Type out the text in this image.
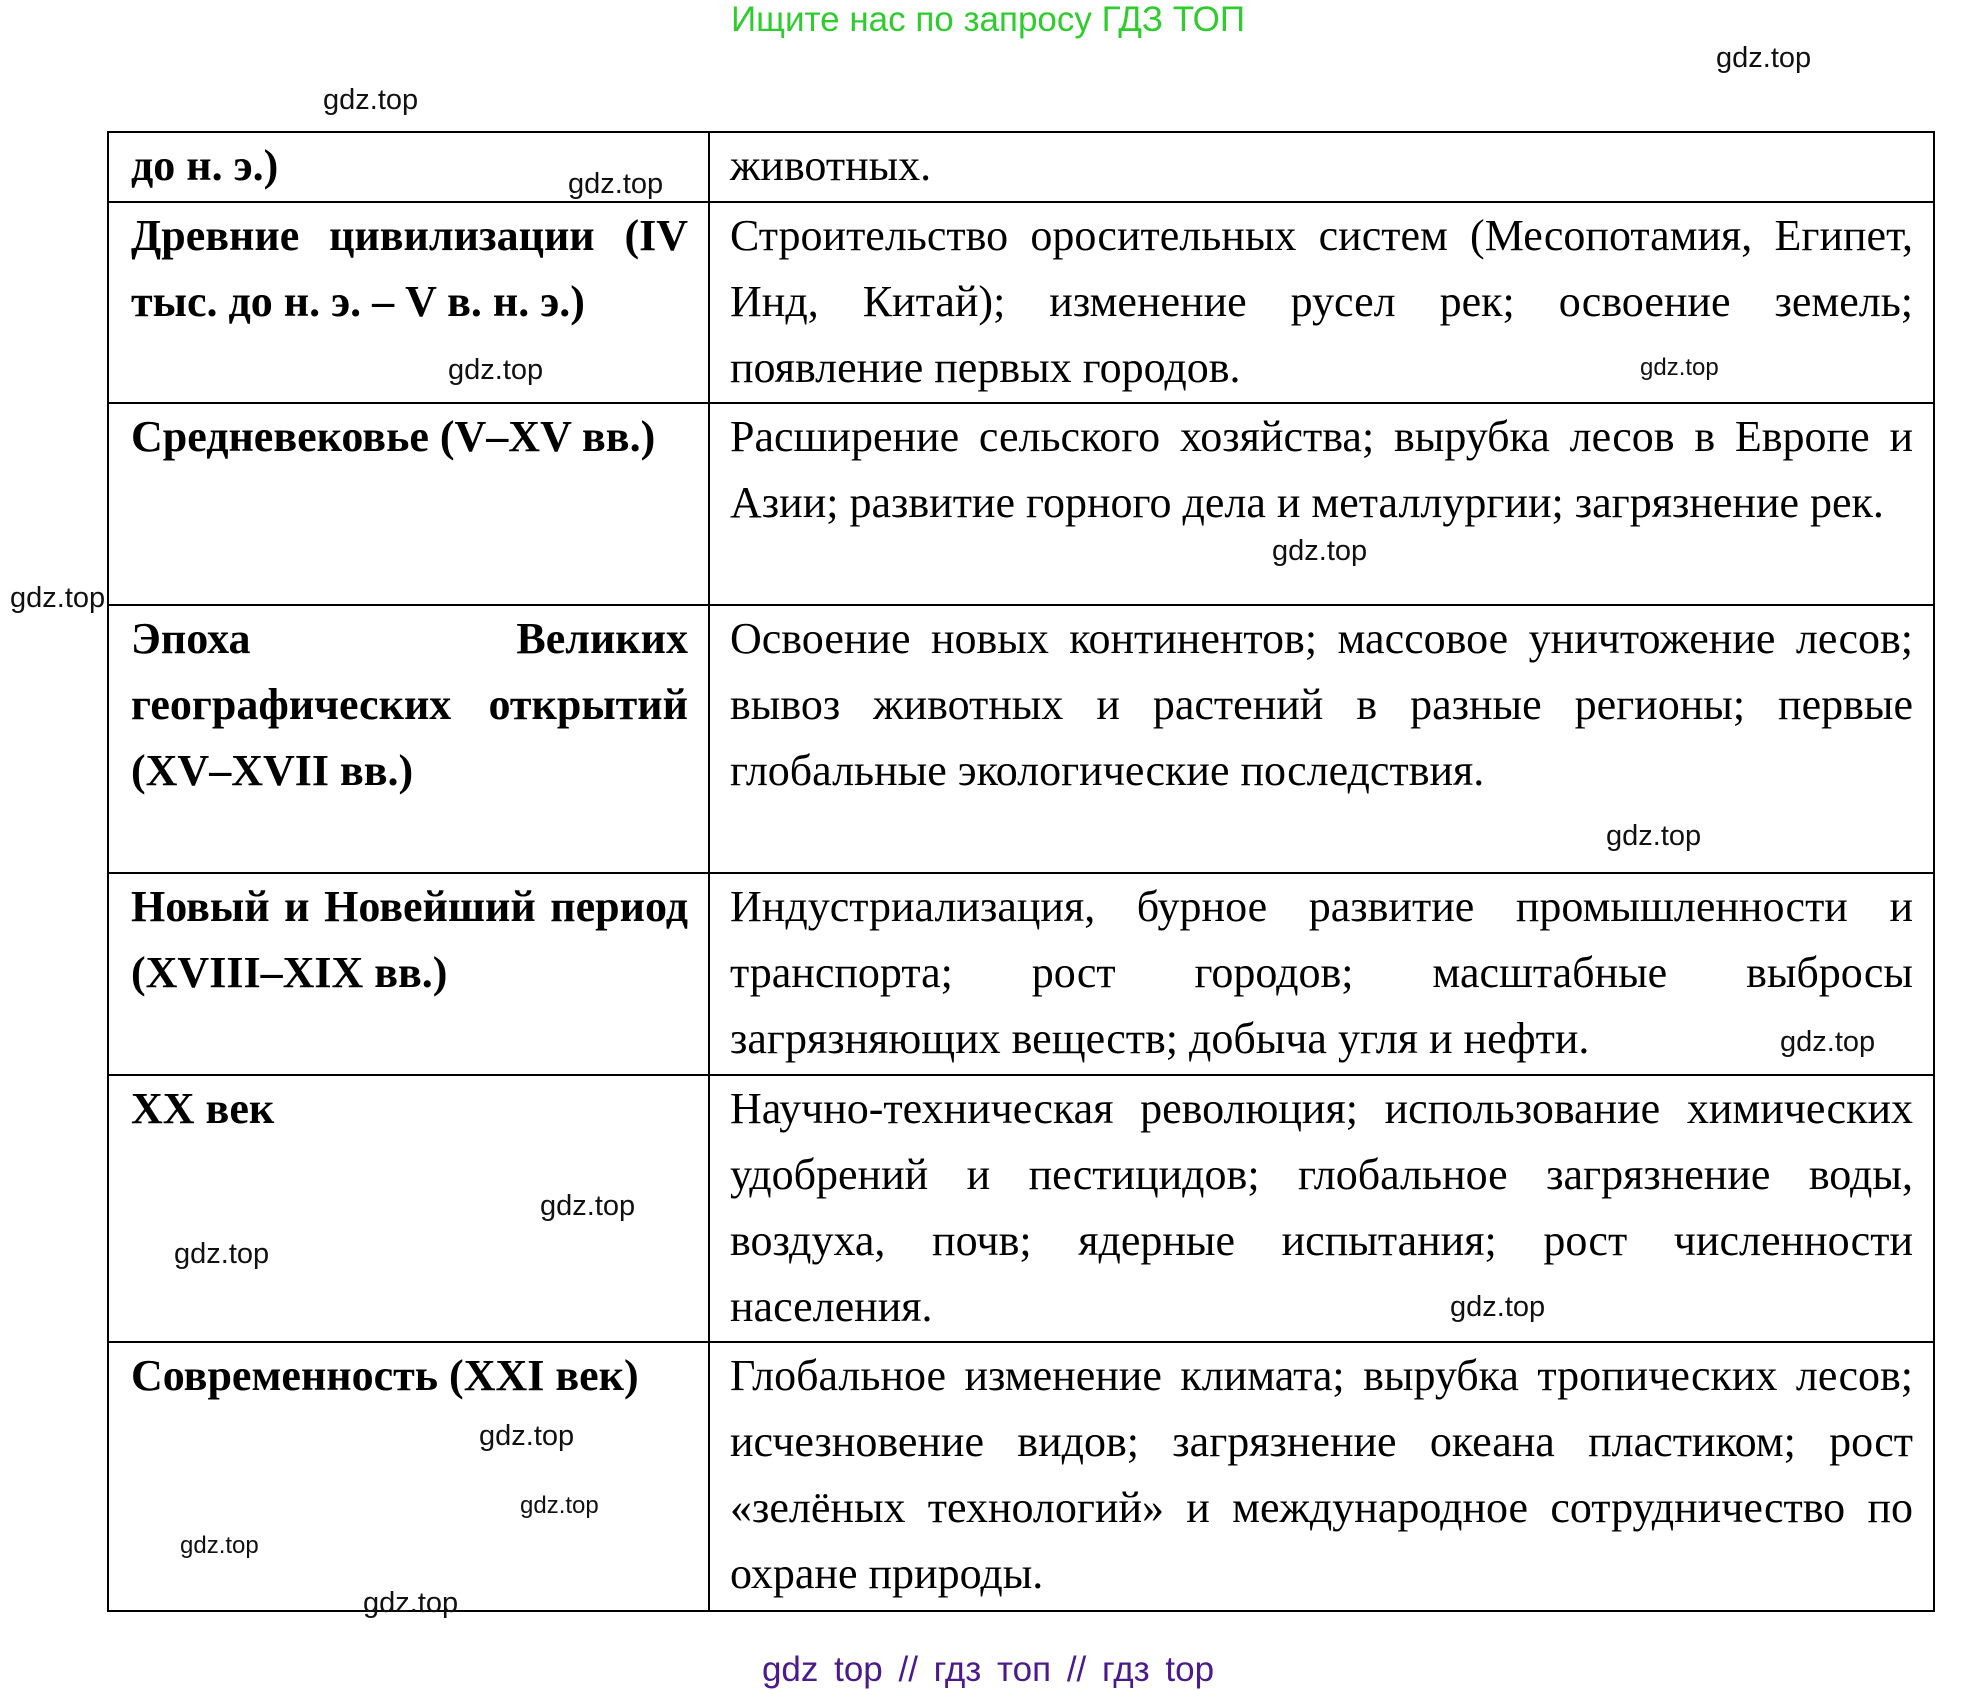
Ищите нас по запросу ГДЗ ТОП
до н. э.)	животных.
Древние цивилизации (IV тыс. до н. э. – V в. н. э.)	Строительство оросительных систем (Месопотамия, Египет, Инд, Китай); изменение русел рек; освоение земель; появление первых городов.
Средневековье (V–XV вв.)	Расширение сельского хозяйства; вырубка лесов в Европе и Азии; развитие горного дела и металлургии; загрязнение рек.
Эпоха Великих географических открытий (XV–XVII вв.)	Освоение новых континентов; массовое уничтожение лесов; вывоз животных и растений в разные регионы; первые глобальные экологические последствия.
Новый и Новейший период (XVIII–XIX вв.)	Индустриализация, бурное развитие промышленности и транспорта; рост городов; масштабные выбросы загрязняющих веществ; добыча угля и нефти.
XX век	Научно-техническая революция; использование химических удобрений и пестицидов; глобальное загрязнение воды, воздуха, почв; ядерные испытания; рост численности населения.
Современность (XXI век)	Глобальное изменение климата; вырубка тропических лесов; исчезновение видов; загрязнение океана пластиком; рост «зелёных технологий» и международное сотрудничество по охране природы.
gdz.top
gdz.top
gdz.top
gdz.top
gdz.top
gdz.top
gdz.top
gdz.top
gdz.top
gdz.top
gdz.top
gdz.top
gdz.top
gdz.top
gdz.top
gdz.top
gdz top // гдз топ // гдз top
